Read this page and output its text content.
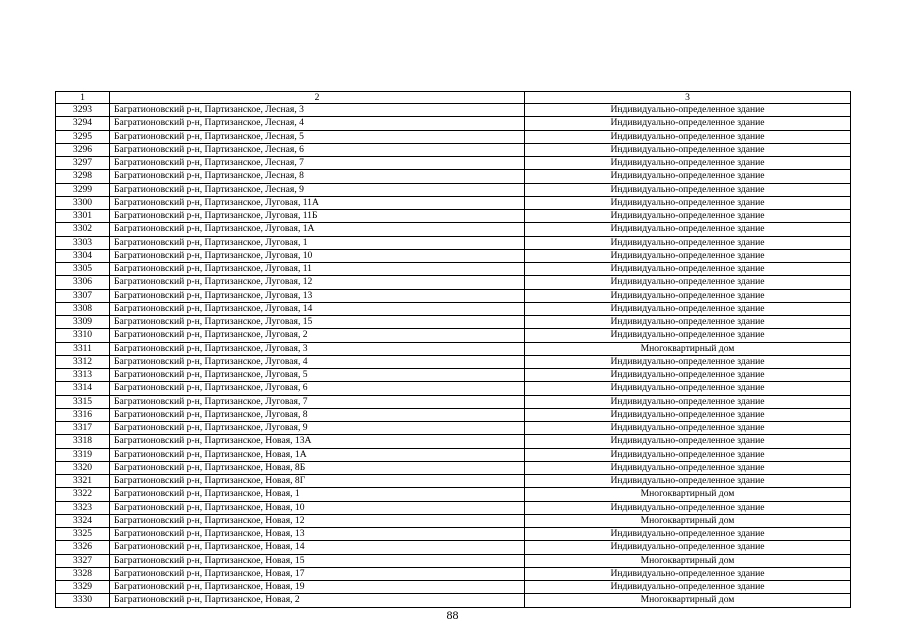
1	2	3
3293	Багратионовский р-н, Партизанское, Лесная, 3	Индивидуально-определенное здание
3294	Багратионовский р-н, Партизанское, Лесная, 4	Индивидуально-определенное здание
3295	Багратионовский р-н, Партизанское, Лесная, 5	Индивидуально-определенное здание
3296	Багратионовский р-н, Партизанское, Лесная, 6	Индивидуально-определенное здание
3297	Багратионовский р-н, Партизанское, Лесная, 7	Индивидуально-определенное здание
3298	Багратионовский р-н, Партизанское, Лесная, 8	Индивидуально-определенное здание
3299	Багратионовский р-н, Партизанское, Лесная, 9	Индивидуально-определенное здание
3300	Багратионовский р-н, Партизанское, Луговая, 11А	Индивидуально-определенное здание
3301	Багратионовский р-н, Партизанское, Луговая, 11Б	Индивидуально-определенное здание
3302	Багратионовский р-н, Партизанское, Луговая, 1А	Индивидуально-определенное здание
3303	Багратионовский р-н, Партизанское, Луговая, 1	Индивидуально-определенное здание
3304	Багратионовский р-н, Партизанское, Луговая, 10	Индивидуально-определенное здание
3305	Багратионовский р-н, Партизанское, Луговая, 11	Индивидуально-определенное здание
3306	Багратионовский р-н, Партизанское, Луговая, 12	Индивидуально-определенное здание
3307	Багратионовский р-н, Партизанское, Луговая, 13	Индивидуально-определенное здание
3308	Багратионовский р-н, Партизанское, Луговая, 14	Индивидуально-определенное здание
3309	Багратионовский р-н, Партизанское, Луговая, 15	Индивидуально-определенное здание
3310	Багратионовский р-н, Партизанское, Луговая, 2	Индивидуально-определенное здание
3311	Багратионовский р-н, Партизанское, Луговая, 3	Многоквартирный дом
3312	Багратионовский р-н, Партизанское, Луговая, 4	Индивидуально-определенное здание
3313	Багратионовский р-н, Партизанское, Луговая, 5	Индивидуально-определенное здание
3314	Багратионовский р-н, Партизанское, Луговая, 6	Индивидуально-определенное здание
3315	Багратионовский р-н, Партизанское, Луговая, 7	Индивидуально-определенное здание
3316	Багратионовский р-н, Партизанское, Луговая, 8	Индивидуально-определенное здание
3317	Багратионовский р-н, Партизанское, Луговая, 9	Индивидуально-определенное здание
3318	Багратионовский р-н, Партизанское, Новая, 13А	Индивидуально-определенное здание
3319	Багратионовский р-н, Партизанское, Новая, 1А	Индивидуально-определенное здание
3320	Багратионовский р-н, Партизанское, Новая, 8Б	Индивидуально-определенное здание
3321	Багратионовский р-н, Партизанское, Новая, 8Г	Индивидуально-определенное здание
3322	Багратионовский р-н, Партизанское, Новая, 1	Многоквартирный дом
3323	Багратионовский р-н, Партизанское, Новая, 10	Индивидуально-определенное здание
3324	Багратионовский р-н, Партизанское, Новая, 12	Многоквартирный дом
3325	Багратионовский р-н, Партизанское, Новая, 13	Индивидуально-определенное здание
3326	Багратионовский р-н, Партизанское, Новая, 14	Индивидуально-определенное здание
3327	Багратионовский р-н, Партизанское, Новая, 15	Многоквартирный дом
3328	Багратионовский р-н, Партизанское, Новая, 17	Индивидуально-определенное здание
3329	Багратионовский р-н, Партизанское, Новая, 19	Индивидуально-определенное здание
3330	Багратионовский р-н, Партизанское, Новая, 2	Многоквартирный дом
88
